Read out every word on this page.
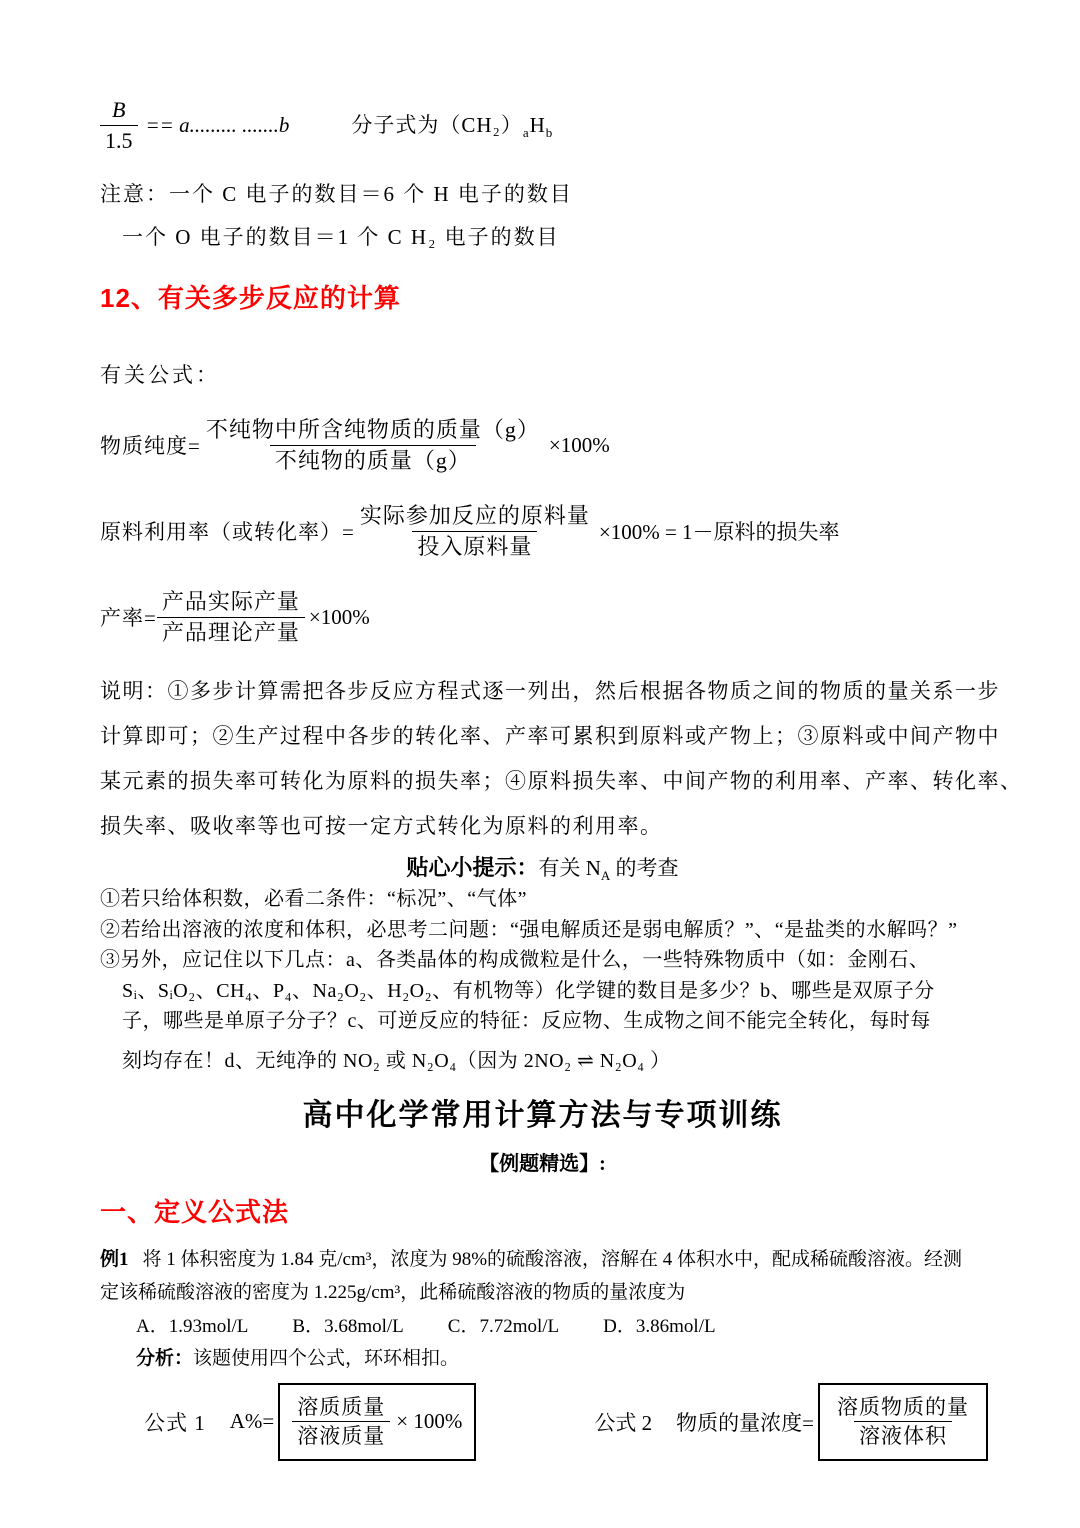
$\frac{B}{1.5} == a$......... .......b	分子式为$(CH_2)_aH_b$
注意：一个 C 电子的数目＝6 个 H 电子的数目
一个 O 电子的数目＝1 个 C H₂ 电子的数目
12、有关多步反应的计算
有关公式：
物质纯度= $\frac{\text{不纯物中所含纯物质的质量（g）}}{\text{不纯物的质量（g）}} \times 100\%$
原料利用率（或转化率）= $\frac{\text{实际参加反应的原料量}}{\text{投入原料量}} \times 100\% = 1-$原料的损失率
产率= $\frac{\text{产品实际产量}}{\text{产品理论产量}} \times 100\%$
说明：①多步计算需把各步反应方程式逐一列出，然后根据各物质之间的物质的量关系一步
计算即可；②生产过程中各步的转化率、产率可累积到原料或产物上；③原料或中间产物中
某元素的损失率可转化为原料的损失率；④原料损失率、中间产物的利用率、产率、转化率、
损失率、吸收率等也可按一定方式转化为原料的利用率。
贴心小提示：有关 $N_A$ 的考查
①若只给体积数，必看二条件：“标况”、“气体”
②若给出溶液的浓度和体积，必思考二问题：“强电解质还是弱电解质？”、“是盐类的水解吗？”
③另外，应记住以下几点：a、各类晶体的构成微粒是什么，一些特殊物质中（如：金刚石、
Sᵢ、SᵢO₂、CH₄、P₄、Na₂O₂、H₂O₂、有机物等）化学键的数目是多少？b、哪些是双原子分
子，哪些是单原子分子？c、可逆反应的特征：反应物、生成物之间不能完全转化，每时每
刻均存在！d、无纯净的 NO₂ 或 N₂O₄（因为 2NO₂ ⇌ N₂O₄ ）
高中化学常用计算方法与专项训练
【例题精选】:
一、定义公式法
例1 将 1 体积密度为 1.84 克/cm³，浓度为 98%的硫酸溶液，溶解在 4 体积水中，配成稀硫酸溶液。经测
定该稀硫酸溶液的密度为 1.225g/cm³，此稀硫酸溶液的物质的量浓度为
A．1.93mol/L B．3.68mol/L C．7.72mol/L D．3.86mol/L
分析：该题使用四个公式，环环相扣。
公式 1 $A\%= \frac{\text{溶质质量}}{\text{溶液质量}} \times 100\%$	公式 2 物质的量浓度= $\frac{\text{溶质物质的量}}{\text{溶液体积}}$
